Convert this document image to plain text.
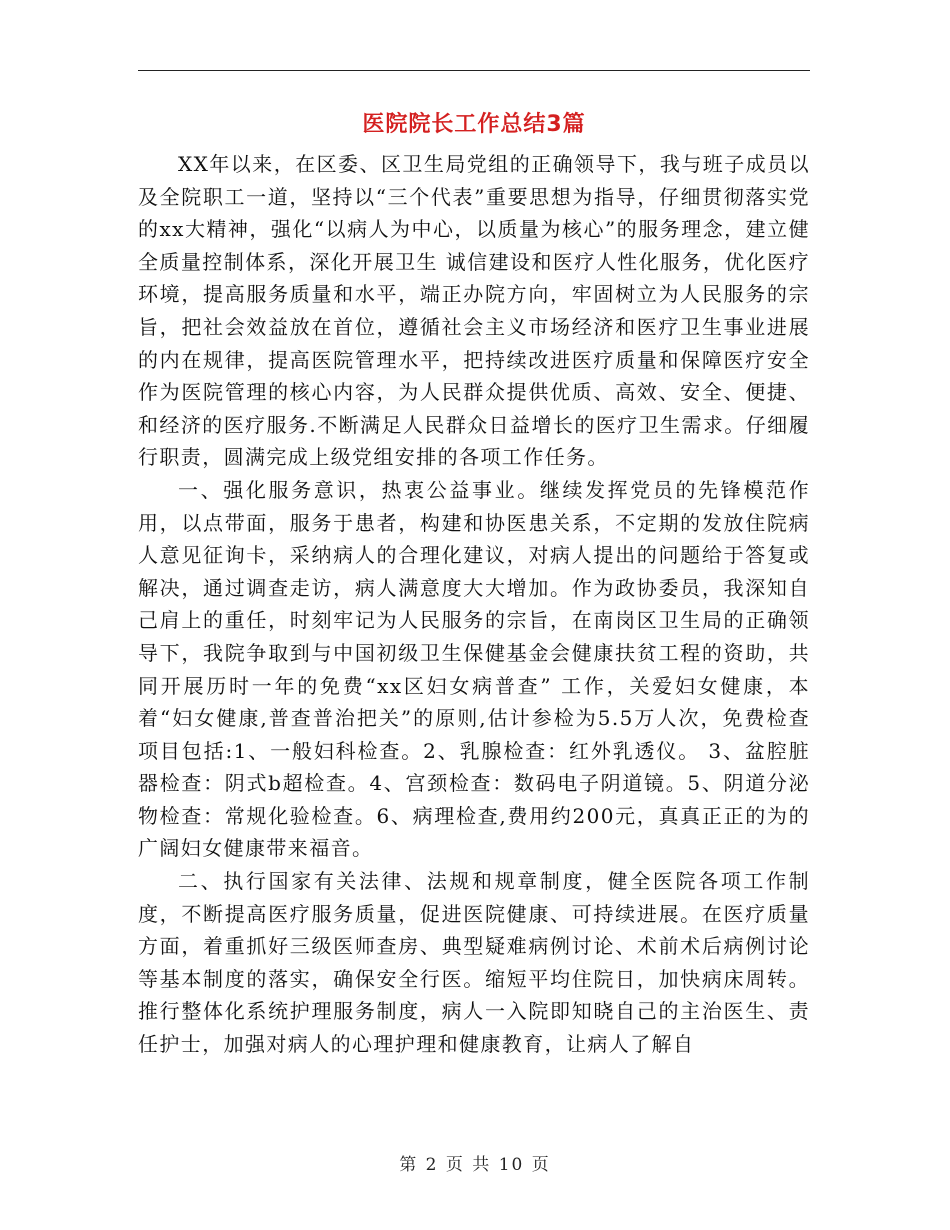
医院院长工作总结3篇

XX年以来，在区委、区卫生局党组的正确领导下，我与班子成员以及全院职工一道，坚持以“三个代表”重要思想为指导，仔细贯彻落实党的xx大精神，强化“以病人为中心，以质量为核心”的服务理念，建立健全质量控制体系，深化开展卫生 诚信建设和医疗人性化服务，优化医疗环境，提高服务质量和水平，端正办院方向，牢固树立为人民服务的宗旨，把社会效益放在首位，遵循社会主义市场经济和医疗卫生事业进展的内在规律，提高医院管理水平，把持续改进医疗质量和保障医疗安全作为医院管理的核心内容，为人民群众提供优质、高效、安全、便捷、和经济的医疗服务.不断满足人民群众日益增长的医疗卫生需求。仔细履行职责，圆满完成上级党组安排的各项工作任务。

一、强化服务意识，热衷公益事业。继续发挥党员的先锋模范作用，以点带面，服务于患者，构建和协医患关系，不定期的发放住院病人意见征询卡，采纳病人的合理化建议，对病人提出的问题给于答复或解决，通过调查走访，病人满意度大大增加。作为政协委员，我深知自己肩上的重任，时刻牢记为人民服务的宗旨，在南岗区卫生局的正确领导下，我院争取到与中国初级卫生保健基金会健康扶贫工程的资助，共同开展历时一年的免费“xx区妇女病普查” 工作，关爱妇女健康，本着“妇女健康,普查普治把关”的原则,估计参检为5.5万人次，免费检查项目包括:1、一般妇科检查。2、乳腺检查：红外乳透仪。 3、盆腔脏器检查：阴式b超检查。4、宫颈检查：数码电子阴道镜。5、阴道分泌物检查：常规化验检查。6、病理检查,费用约200元，真真正正的为的广阔妇女健康带来福音。

二、执行国家有关法律、法规和规章制度，健全医院各项工作制度，不断提高医疗服务质量，促进医院健康、可持续进展。在医疗质量方面，着重抓好三级医师查房、典型疑难病例讨论、术前术后病例讨论等基本制度的落实，确保安全行医。缩短平均住院日，加快病床周转。推行整体化系统护理服务制度，病人一入院即知晓自己的主治医生、责任护士，加强对病人的心理护理和健康教育，让病人了解自

第 2 页 共 10 页
